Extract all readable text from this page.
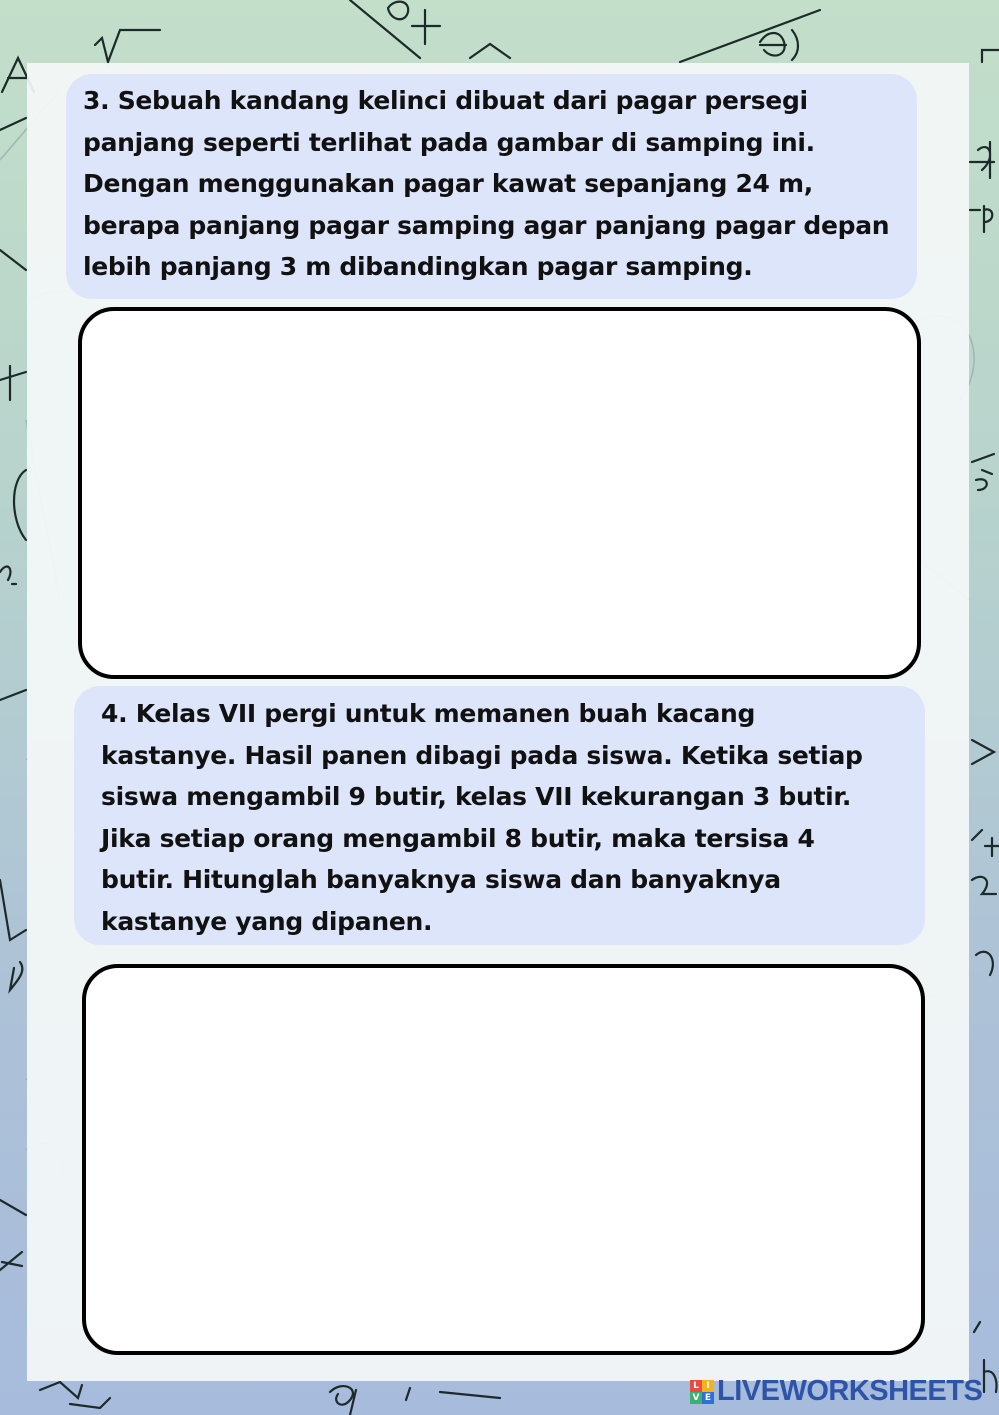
3. Sebuah kandang kelinci dibuat dari pagar persegi
panjang seperti terlihat pada gambar di samping ini.
Dengan menggunakan pagar kawat sepanjang 24 m,
berapa panjang pagar samping agar panjang pagar depan
lebih panjang 3 m dibandingkan pagar samping.
4. Kelas VII pergi untuk memanen buah kacang
kastanye. Hasil panen dibagi pada siswa. Ketika setiap
siswa mengambil 9 butir, kelas VII kekurangan 3 butir.
Jika setiap orang mengambil 8 butir, maka tersisa 4
butir. Hitunglah banyaknya siswa dan banyaknya
kastanye yang dipanen.
L I
V E LIVEWORKSHEETS
